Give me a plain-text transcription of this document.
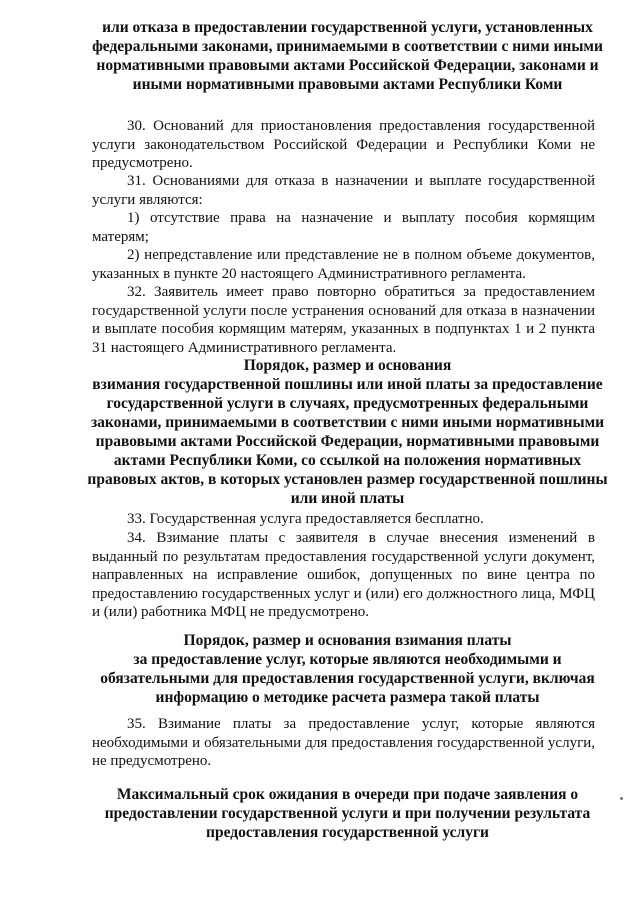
или отказа в предоставлении государственной услуги, установленных федеральными законами, принимаемыми в соответствии с ними иными нормативными правовыми актами Российской Федерации, законами и иными нормативными правовыми актами Республики Коми
30. Оснований для приостановления предоставления государственной услуги законодательством Российской Федерации и Республики Коми не предусмотрено.
31. Основаниями для отказа в назначении и выплате государственной услуги являются:
1) отсутствие права на назначение и выплату пособия кормящим матерям;
2) непредставление или представление не в полном объеме документов, указанных в пункте 20 настоящего Административного регламента.
32. Заявитель имеет право повторно обратиться за предоставлением государственной услуги после устранения оснований для отказа в назначении и выплате пособия кормящим матерям, указанных в подпунктах 1 и 2 пункта 31 настоящего Административного регламента.
Порядок, размер и основания
взимания государственной пошлины или иной платы за предоставление государственной услуги в случаях, предусмотренных федеральными законами, принимаемыми в соответствии с ними иными нормативными правовыми актами Российской Федерации, нормативными правовыми актами Республики Коми, со ссылкой на положения нормативных правовых актов, в которых установлен размер государственной пошлины или иной платы
33. Государственная услуга предоставляется бесплатно.
34. Взимание платы с заявителя в случае внесения изменений в выданный по результатам предоставления государственной услуги документ, направленных на исправление ошибок, допущенных по вине центра по предоставлению государственных услуг и (или) его должностного лица, МФЦ и (или) работника МФЦ не предусмотрено.
Порядок, размер и основания взимания платы
за предоставление услуг, которые являются необходимыми и обязательными для предоставления государственной услуги, включая информацию о методике расчета размера такой платы
35. Взимание платы за предоставление услуг, которые являются необходимыми и обязательными для предоставления государственной услуги, не предусмотрено.
Максимальный срок ожидания в очереди при подаче заявления о предоставлении государственной услуги и при получении результата предоставления государственной услуги
